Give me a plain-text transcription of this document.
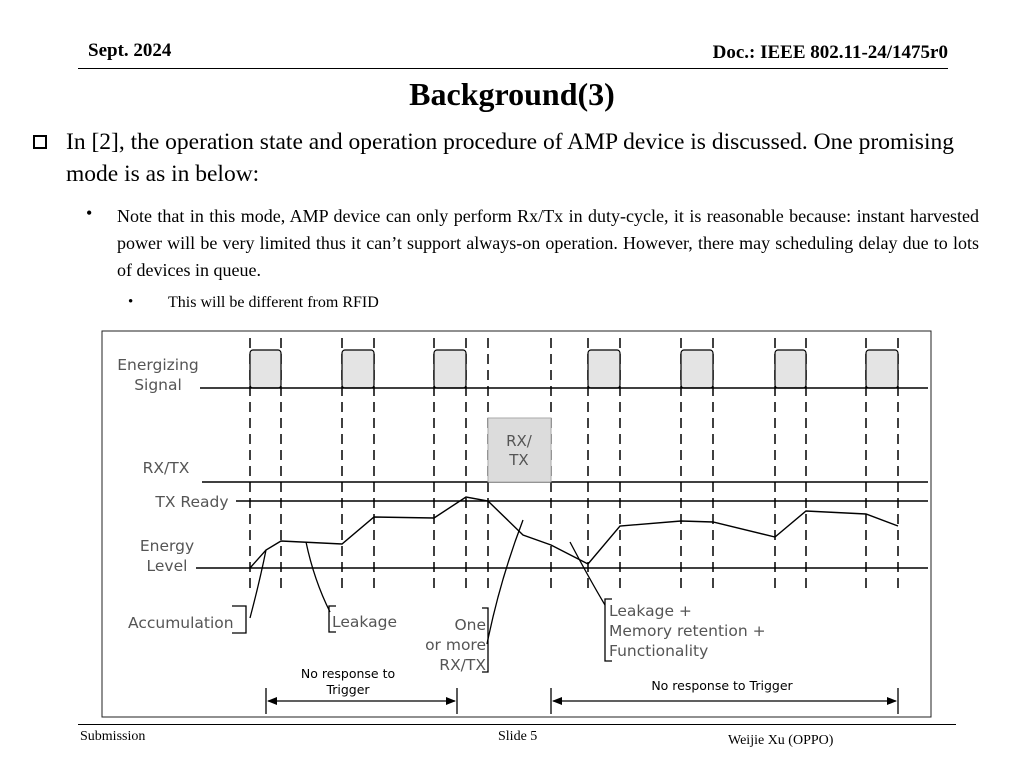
Sept. 2024	Doc.: IEEE 802.11-24/1475r0
Background(3)
In [2], the operation state and operation procedure of AMP device is discussed. One promising mode is as in below:
• Note that in this mode, AMP device can only perform Rx/Tx in duty-cycle, it is reasonable because: instant harvested power will be very limited thus it can’t support always-on operation. However, there may scheduling delay due to lots of devices in queue.
• This will be different from RFID
RX/
TX
Energizing
Signal
RX/TX
TX Ready
Energy
Level
Accumulation	Leakage	One
or more
RX/TX
Leakage +
Memory retention +
Functionality
No response to
Trigger	No response to Trigger
Submission	Slide 5	Weijie Xu (OPPO)
